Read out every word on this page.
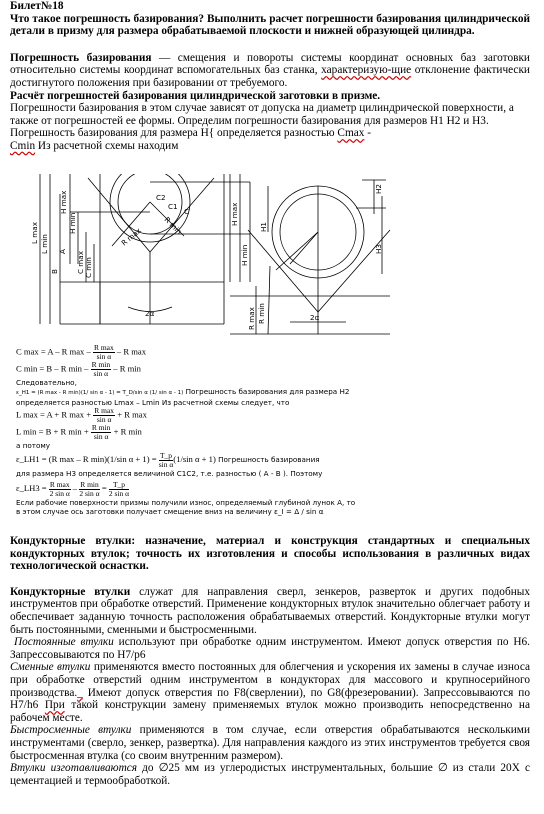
Билет№18

Что такое погрешность базирования? Выполнить расчет погрешности базирования цилиндрической детали в призму для размера обрабатываемой плоскости и нижней образующей цилиндра.

Погрешность базирования — смещения и повороты системы координат основных баз заготовки относительно системы координат вспомогательных баз станка, характеризую-щие отклонение фактически достигнутого положения при базировании от требуемого.

Расчёт погрешностей базирования цилиндрической заготовки в призме.

Погрешности базирования в этом случае зависят от допуска на диаметр цилиндрической поверхности, а также от погрешностей ее формы. Определим погрешности базирования для размеров H1 H2 и H3. Погрешность базирования для размера H{ определяется разностью Cmax -
Cmin Из расчетной схемы находим

L max
L min A
B
H max
H min
C max C min
C2
C1
R max
R min
C
2α
H min
H max
H1
H2
H3
R min
R max	2α

C max = A – R max – $\frac{\text{R max}}{\text{sin α}}$ – R max

C min = B – R min – $\frac{\text{R min}}{\text{sin α}}$ – R min

Следовательно,

ε_H1 = (R max - R min)(1/ sin α - 1) = T_D/sin α (1/ sin α - 1) Погрешность базирования для размера H2

определяется разностью Lmax – Lmin Из расчетной схемы следует, что

L max = A + R $\max + \frac{\text{R max}}{\text{sin α}} + R$ max

L min = B + R $\min + \frac{\text{R min}}{\text{sin α}} + R$ min

а потому

ε_LH1 = (R max – R min)(1/sin $\alpha + 1) = \frac{T\_p}{\text{sin α}} (1/\sin$ α + 1) Погрешность базирования

для размера H3 определяется величиной C1C2, т.е. разностью ( A - B ). Поэтому

ε_LH3 = $\frac{\text{R max}}{\text{2 sin α}} - \frac{\text{R min}}{\text{2 sin α}} = \frac{T\_p}{\text{2 sin α}}$

Если рабочие поверхности призмы получили износ, определяемый глубиной лунок A, то

в этом случае ось заготовки получает смещение вниз на величину ε_I = Δ / sin α

Кондукторные втулки: назначение, материал и конструкция стандартных и специальных кондукторных втулок; точность их изготовления и способы использования в различных видах технологической оснастки.

Кондукторные втулки служат для направления сверл, зенкеров, разверток и других подобных инструментов при обработке отверстий. Применение кондукторных втулок значительно облегчает работу и обеспечивает заданную точность расположения обрабатываемых отверстий. Кондукторные втулки могут быть постоянными, сменными и быстросменными.

Постоянные втулки используют при обработке одним инструментом. Имеют допуск отверстия по H6. Запрессовываются по H7/р6

Сменные втулки применяются вместо постоянных для облегчения и ускорения их замены в случае износа при обработке отверстий одним инструментом в кондукторах для массового и крупносерийного производства._ Имеют допуск отверстия по F8(сверлении), по G8(фрезеровании). Запрессовываются по H7/h6 При такой конструкции замену применяемых втулок можно производить непосредственно на рабочем месте.

Быстросменные втулки применяются в том случае, если отверстия обрабатываются несколькими инструментами (сверло, зенкер, развертка). Для направления каждого из этих инструментов требуется своя быстросменная втулка (со своим внутренним размером).

Втулки изготавливаются до ∅25 мм из углеродистых инструментальных, большие ∅ из стали 20Х с цементацией и термообработкой.
